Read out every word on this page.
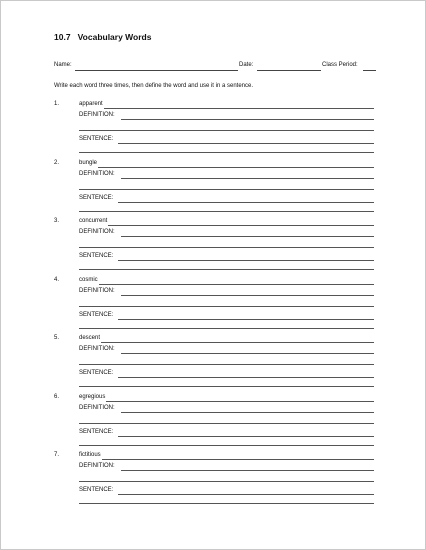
10.7   Vocabulary Words
Name:	Date:	Class Period:
Write each word three times, then define the word and use it in a sentence.
1.	apparent
DEFINITION:
SENTENCE:
2.	bungle
DEFINITION:
SENTENCE:
3.	concurrent
DEFINITION:
SENTENCE:
4.	cosmic
DEFINITION:
SENTENCE:
5.	descent
DEFINITION:
SENTENCE:
6.	egregious
DEFINITION:
SENTENCE:
7.	fictitious
DEFINITION:
SENTENCE:
